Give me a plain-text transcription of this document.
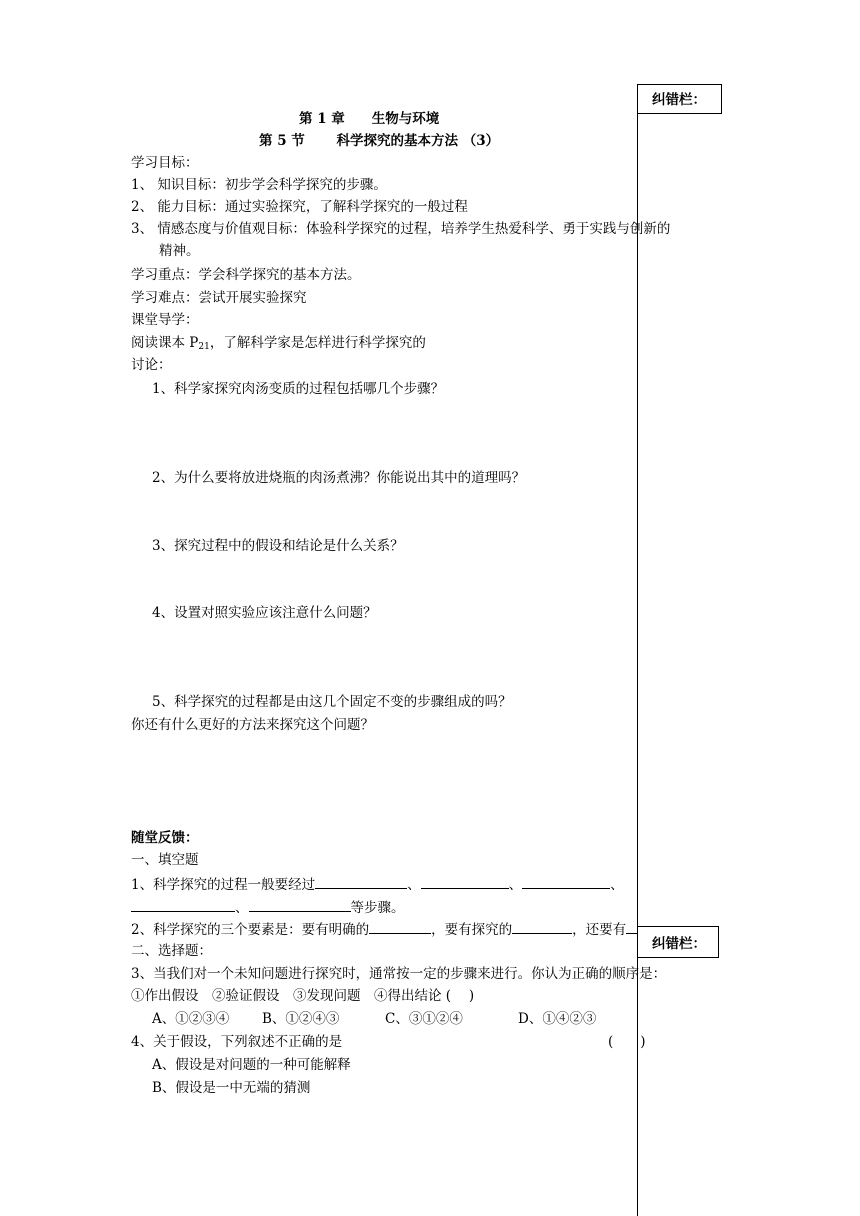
第 1 章　　生物与环境
第 5 节　　 科学探究的基本方法 （3）
学习目标：
1、 知识目标：初步学会科学探究的步骤。
2、 能力目标：通过实验探究，了解科学探究的一般过程
3、 情感态度与价值观目标：体验科学探究的过程，培养学生热爱科学、勇于实践与创新的
精神。
学习重点：学会科学探究的基本方法。
学习难点：尝试开展实验探究
课堂导学：
阅读课本 $P_{21}$，了解科学家是怎样进行科学探究的
讨论：
1、科学家探究肉汤变质的过程包括哪几个步骤？
2、为什么要将放进烧瓶的肉汤煮沸？你能说出其中的道理吗？
3、探究过程中的假设和结论是什么关系？
4、设置对照实验应该注意什么问题？
5、科学探究的过程都是由这几个固定不变的步骤组成的吗？
你还有什么更好的方法来探究这个问题？
随堂反馈：
一、填空题
1、科学探究的过程一般要经过	、	、	、
、	等步骤。
2、科学探究的三个要素是：要有明确的	，要有探究的	，还要有
二、选择题：
3、当我们对一个未知问题进行探究时，通常按一定的步骤来进行。你认为正确的顺序是：
①作出假设　②验证假设　③发现问题　④得出结论 (　 )
A、①②③④ B、①②④③	C、③①②④	D、①④②③
4、关于假设，下列叙述不正确的是	(　　)
A、假设是对问题的一种可能解释
B、假设是一中无端的猜测
纠错栏：
纠错栏：
